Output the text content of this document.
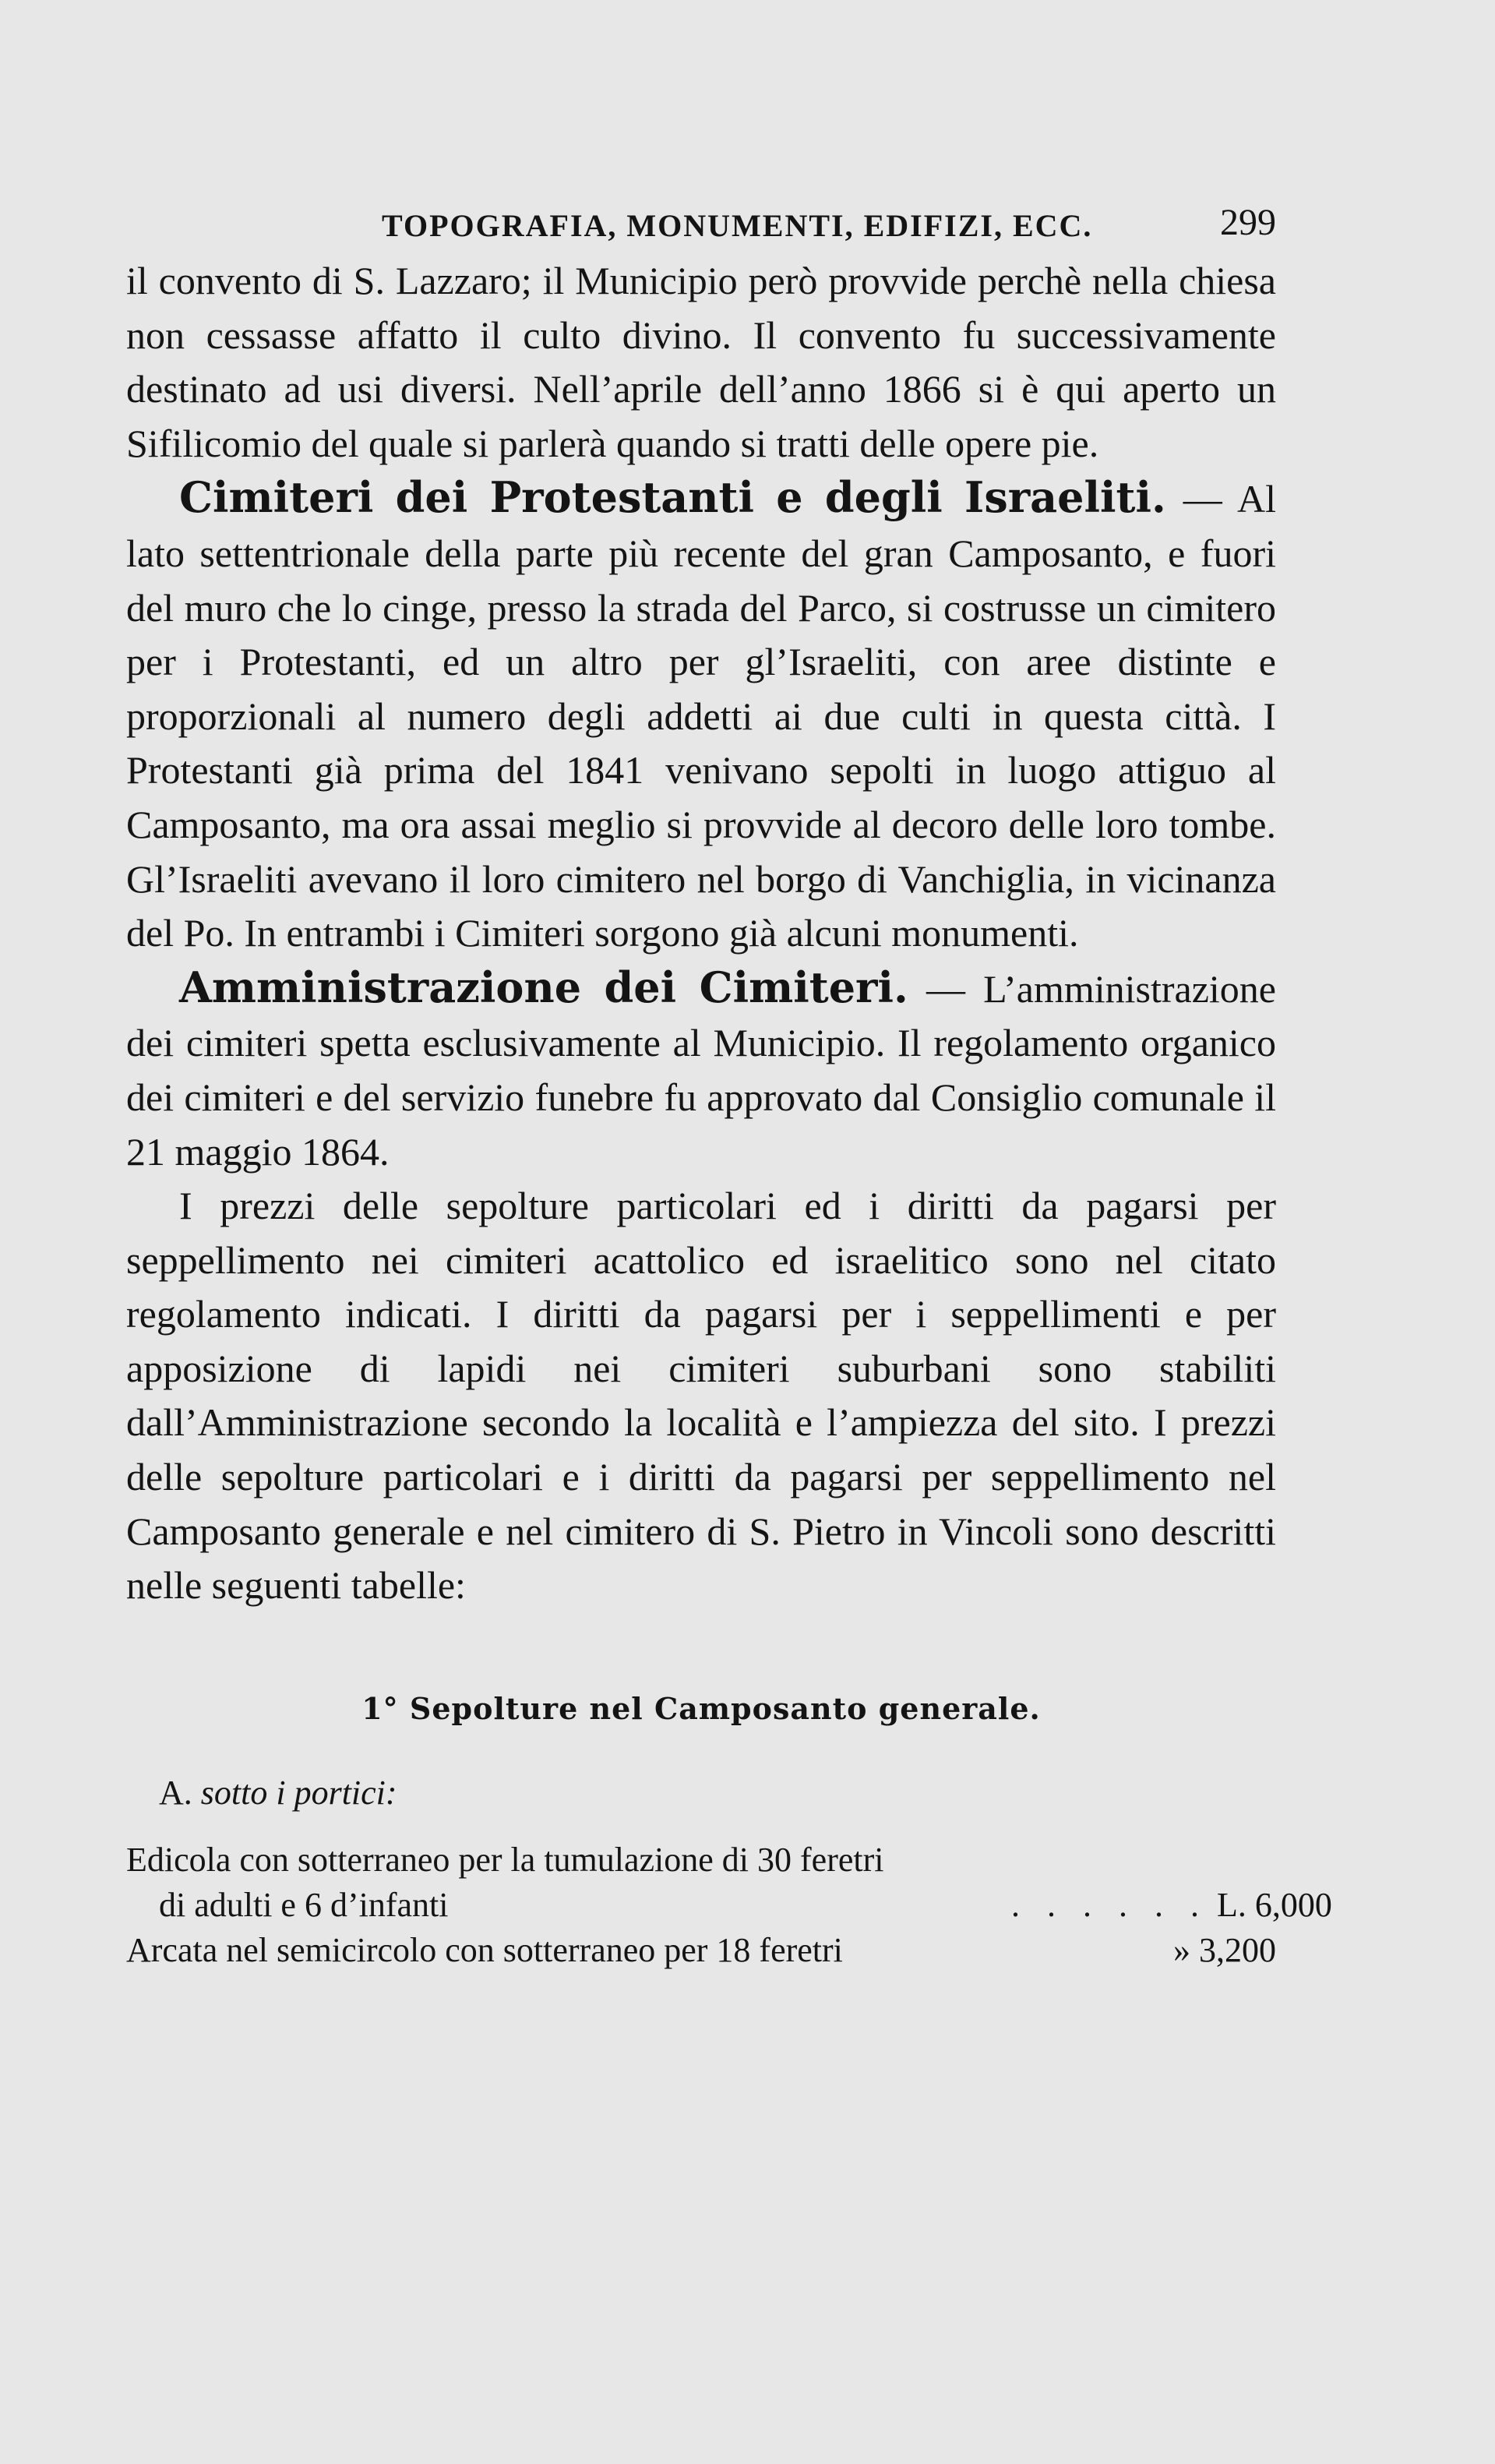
TOPOGRAFIA, MONUMENTI, EDIFIZI, ECC.	299

il convento di S. Lazzaro; il Municipio però provvide perchè nella chiesa non cessasse affatto il culto divino. Il convento fu successivamente destinato ad usi diversi. Nell’aprile dell’anno 1866 si è qui aperto un Sifilicomio del quale si parlerà quando si tratti delle opere pie.

Cimiteri dei Protestanti e degli Israeliti. — Al lato settentrionale della parte più recente del gran Camposanto, e fuori del muro che lo cinge, presso la strada del Parco, si costrusse un cimitero per i Protestanti, ed un altro per gl’Israeliti, con aree distinte e proporzionali al numero degli addetti ai due culti in questa città. I Protestanti già prima del 1841 venivano sepolti in luogo attiguo al Camposanto, ma ora assai meglio si provvide al decoro delle loro tombe. Gl’Israeliti avevano il loro cimitero nel borgo di Vanchiglia, in vicinanza del Po. In entrambi i Cimiteri sorgono già alcuni monumenti.

Amministrazione dei Cimiteri. — L’amministrazione dei cimiteri spetta esclusivamente al Municipio. Il regolamento organico dei cimiteri e del servizio funebre fu approvato dal Consiglio comunale il 21 maggio 1864.

I prezzi delle sepolture particolari ed i diritti da pagarsi per seppellimento nei cimiteri acattolico ed israelitico sono nel citato regolamento indicati. I diritti da pagarsi per i seppellimenti e per apposizione di lapidi nei cimiteri suburbani sono stabiliti dall’Amministrazione secondo la località e l’ampiezza del sito. I prezzi delle sepolture particolari e i diritti da pagarsi per seppellimento nel Camposanto generale e nel cimitero di S. Pietro in Vincoli sono descritti nelle seguenti tabelle:

1° Sepolture nel Camposanto generale.
A. sotto i portici:
Edicola con sotterraneo per la tumulazione di 30 feretri
di adulti e 6 d’infanti	. . . . . . L. 6,000
Arcata nel semicircolo con sotterraneo per 18 feretri	» 3,200
